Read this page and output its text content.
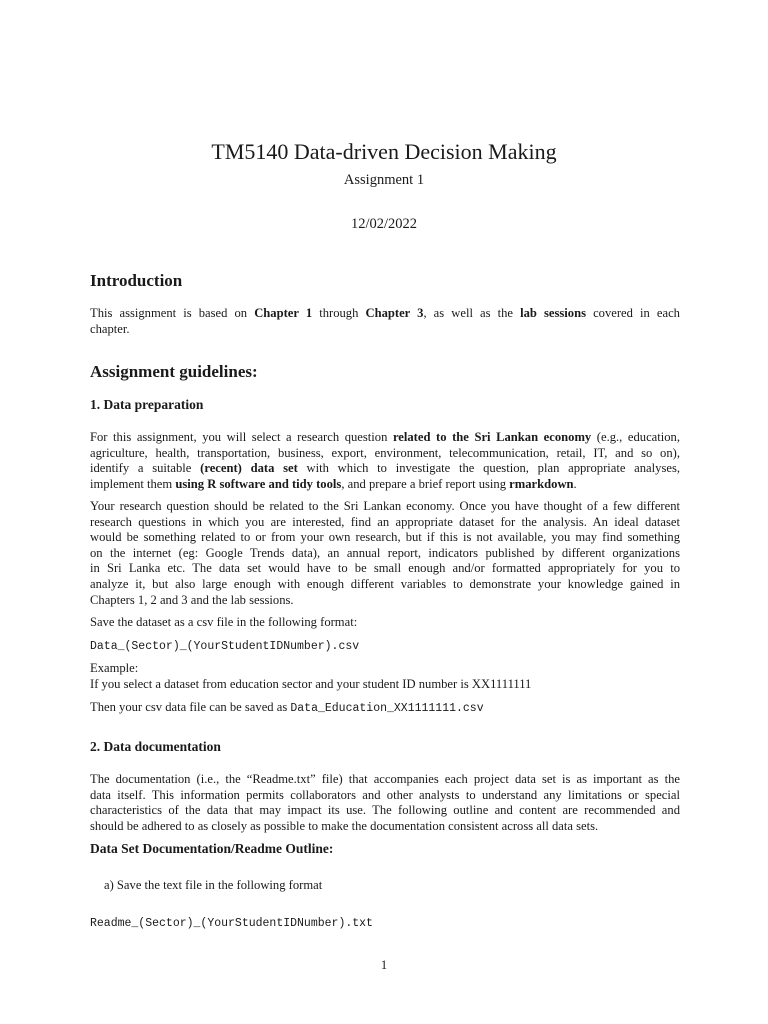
TM5140 Data-driven Decision Making
Assignment 1
12/02/2022
Introduction
This assignment is based on Chapter 1 through Chapter 3, as well as the lab sessions covered in each
chapter.
Assignment guidelines:
1. Data preparation
For this assignment, you will select a research question related to the Sri Lankan economy (e.g., education,
agriculture, health, transportation, business, export, environment, telecommunication, retail, IT, and so on),
identify a suitable (recent) data set with which to investigate the question, plan appropriate analyses,
implement them using R software and tidy tools, and prepare a brief report using rmarkdown.
Your research question should be related to the Sri Lankan economy. Once you have thought of a few different
research questions in which you are interested, find an appropriate dataset for the analysis. An ideal dataset
would be something related to or from your own research, but if this is not available, you may find something
on the internet (eg: Google Trends data), an annual report, indicators published by different organizations
in Sri Lanka etc. The data set would have to be small enough and/or formatted appropriately for you to
analyze it, but also large enough with enough different variables to demonstrate your knowledge gained in
Chapters 1, 2 and 3 and the lab sessions.
Save the dataset as a csv file in the following format:
Data_(Sector)_(YourStudentIDNumber).csv
Example:
If you select a dataset from education sector and your student ID number is XX1111111
Then your csv data file can be saved as Data_Education_XX1111111.csv
2. Data documentation
The documentation (i.e., the “Readme.txt” file) that accompanies each project data set is as important as the
data itself. This information permits collaborators and other analysts to understand any limitations or special
characteristics of the data that may impact its use. The following outline and content are recommended and
should be adhered to as closely as possible to make the documentation consistent across all data sets.
Data Set Documentation/Readme Outline:
a) Save the text file in the following format
Readme_(Sector)_(YourStudentIDNumber).txt
1
